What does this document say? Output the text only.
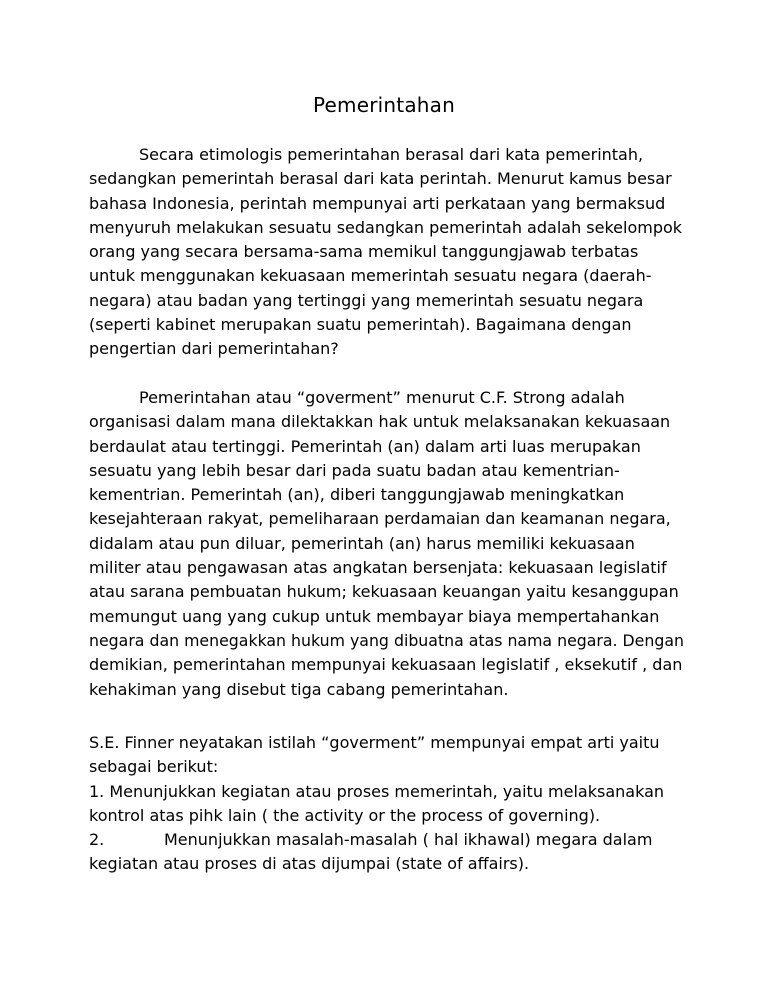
Pemerintahan
Secara etimologis pemerintahan berasal dari kata pemerintah,
sedangkan pemerintah berasal dari kata perintah. Menurut kamus besar
bahasa Indonesia, perintah mempunyai arti perkataan yang bermaksud
menyuruh melakukan sesuatu sedangkan pemerintah adalah sekelompok
orang yang secara bersama-sama memikul tanggungjawab terbatas
untuk menggunakan kekuasaan memerintah sesuatu negara (daerah-
negara) atau badan yang tertinggi yang memerintah sesuatu negara
(seperti kabinet merupakan suatu pemerintah). Bagaimana dengan
pengertian dari pemerintahan?
Pemerintahan atau “goverment” menurut C.F. Strong adalah
organisasi dalam mana dilektakkan hak untuk melaksanakan kekuasaan
berdaulat atau tertinggi. Pemerintah (an) dalam arti luas merupakan
sesuatu yang lebih besar dari pada suatu badan atau kementrian-
kementrian. Pemerintah (an), diberi tanggungjawab meningkatkan
kesejahteraan rakyat, pemeliharaan perdamaian dan keamanan negara,
didalam atau pun diluar, pemerintah (an) harus memiliki kekuasaan
militer atau pengawasan atas angkatan bersenjata: kekuasaan legislatif
atau sarana pembuatan hukum; kekuasaan keuangan yaitu kesanggupan
memungut uang yang cukup untuk membayar biaya mempertahankan
negara dan menegakkan hukum yang dibuatna atas nama negara. Dengan
demikian, pemerintahan mempunyai kekuasaan legislatif , eksekutif , dan
kehakiman yang disebut tiga cabang pemerintahan.
S.E. Finner neyatakan istilah “goverment” mempunyai empat arti yaitu
sebagai berikut:
1. Menunjukkan kegiatan atau proses memerintah, yaitu melaksanakan
kontrol atas pihk lain ( the activity or the process of governing).
2.	Menunjukkan masalah-masalah ( hal ikhawal) megara dalam
kegiatan atau proses di atas dijumpai (state of affairs).
